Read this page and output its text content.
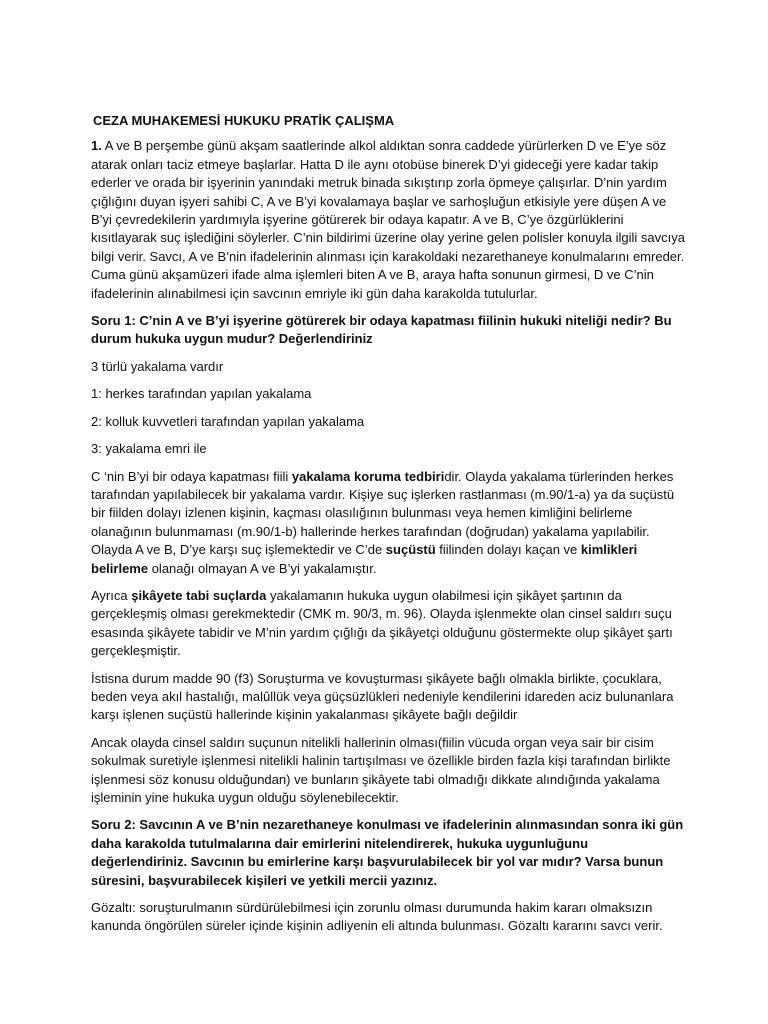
CEZA MUHAKEMESİ HUKUKU PRATİK ÇALIŞMA

1. A ve B perşembe günü akşam saatlerinde alkol aldıktan sonra caddede yürürlerken D ve E’ye söz atarak onları taciz etmeye başlarlar. Hatta D ile aynı otobüse binerek D’yi gideceği yere kadar takip ederler ve orada bir işyerinin yanındaki metruk binada sıkıştırıp zorla öpmeye çalışırlar. D’nin yardım çığlığını duyan işyeri sahibi C, A ve B’yi kovalamaya başlar ve sarhoşluğun etkisiyle yere düşen A ve B’yi çevredekilerin yardımıyla işyerine götürerek bir odaya kapatır. A ve B, C’ye özgürlüklerini kısıtlayarak suç işlediğini söylerler. C’nin bildirimi üzerine olay yerine gelen polisler konuyla ilgili savcıya bilgi verir. Savcı, A ve B’nin ifadelerinin alınması için karakoldaki nezarethaneye konulmalarını emreder. Cuma günü akşamüzeri ifade alma işlemleri biten A ve B, araya hafta sonunun girmesi, D ve C’nin ifadelerinin alınabilmesi için savcının emriyle iki gün daha karakolda tutulurlar.

Soru 1: C’nin A ve B’yi işyerine götürerek bir odaya kapatması fiilinin hukuki niteliği nedir? Bu durum hukuka uygun mudur? Değerlendiriniz

3 türlü yakalama vardır

1: herkes tarafından yapılan yakalama

2: kolluk kuvvetleri tarafından yapılan yakalama

3: yakalama emri ile

C ‘nin B’yi bir odaya kapatması fiili yakalama koruma tedbiridir. Olayda yakalama türlerinden herkes tarafından yapılabilecek bir yakalama vardır. Kişiye suç işlerken rastlanması (m.90/1-a) ya da suçüstü bir fiilden dolayı izlenen kişinin, kaçması olasılığının bulunması veya hemen kimliğini belirleme olanağının bulunmaması (m.90/1-b) hallerinde herkes tarafından (doğrudan) yakalama yapılabilir. Olayda A ve B, D’ye karşı suç işlemektedir ve C’de suçüstü fiilinden dolayı kaçan ve kimlikleri belirleme olanağı olmayan A ve B’yi yakalamıştır.

Ayrıca şikâyete tabi suçlarda yakalamanın hukuka uygun olabilmesi için şikâyet şartının da gerçekleşmiş olması gerekmektedir (CMK m. 90/3, m. 96). Olayda işlenmekte olan cinsel saldırı suçu esasında şikâyete tabidir ve M’nin yardım çığlığı da şikâyetçi olduğunu göstermekte olup şikâyet şartı gerçekleşmiştir.

İstisna durum madde 90 (f3) Soruşturma ve kovuşturması şikâyete bağlı olmakla birlikte, çocuklara, beden veya akıl hastalığı, malûllük veya güçsüzlükleri nedeniyle kendilerini idareden aciz bulunanlara karşı işlenen suçüstü hallerinde kişinin yakalanması şikâyete bağlı değildir

Ancak olayda cinsel saldırı suçunun nitelikli hallerinin olması(fiilin vücuda organ veya sair bir cisim sokulmak suretiyle işlenmesi nitelikli halinin tartışılması ve özellikle birden fazla kişi tarafından birlikte işlenmesi söz konusu olduğundan) ve bunların şikâyete tabi olmadığı dikkate alındığında yakalama işleminin yine hukuka uygun olduğu söylenebilecektir.

Soru 2: Savcının A ve B’nin nezarethaneye konulması ve ifadelerinin alınmasından sonra iki gün daha karakolda tutulmalarına dair emirlerini nitelendirerek, hukuka uygunluğunu değerlendiriniz. Savcının bu emirlerine karşı başvurulabilecek bir yol var mıdır? Varsa bunun süresini, başvurabilecek kişileri ve yetkili mercii yazınız.

Gözaltı: soruşturulmanın sürdürülebilmesi için zorunlu olması durumunda hakim kararı olmaksızın kanunda öngörülen süreler içinde kişinin adliyenin eli altında bulunması. Gözaltı kararını savcı verir.
